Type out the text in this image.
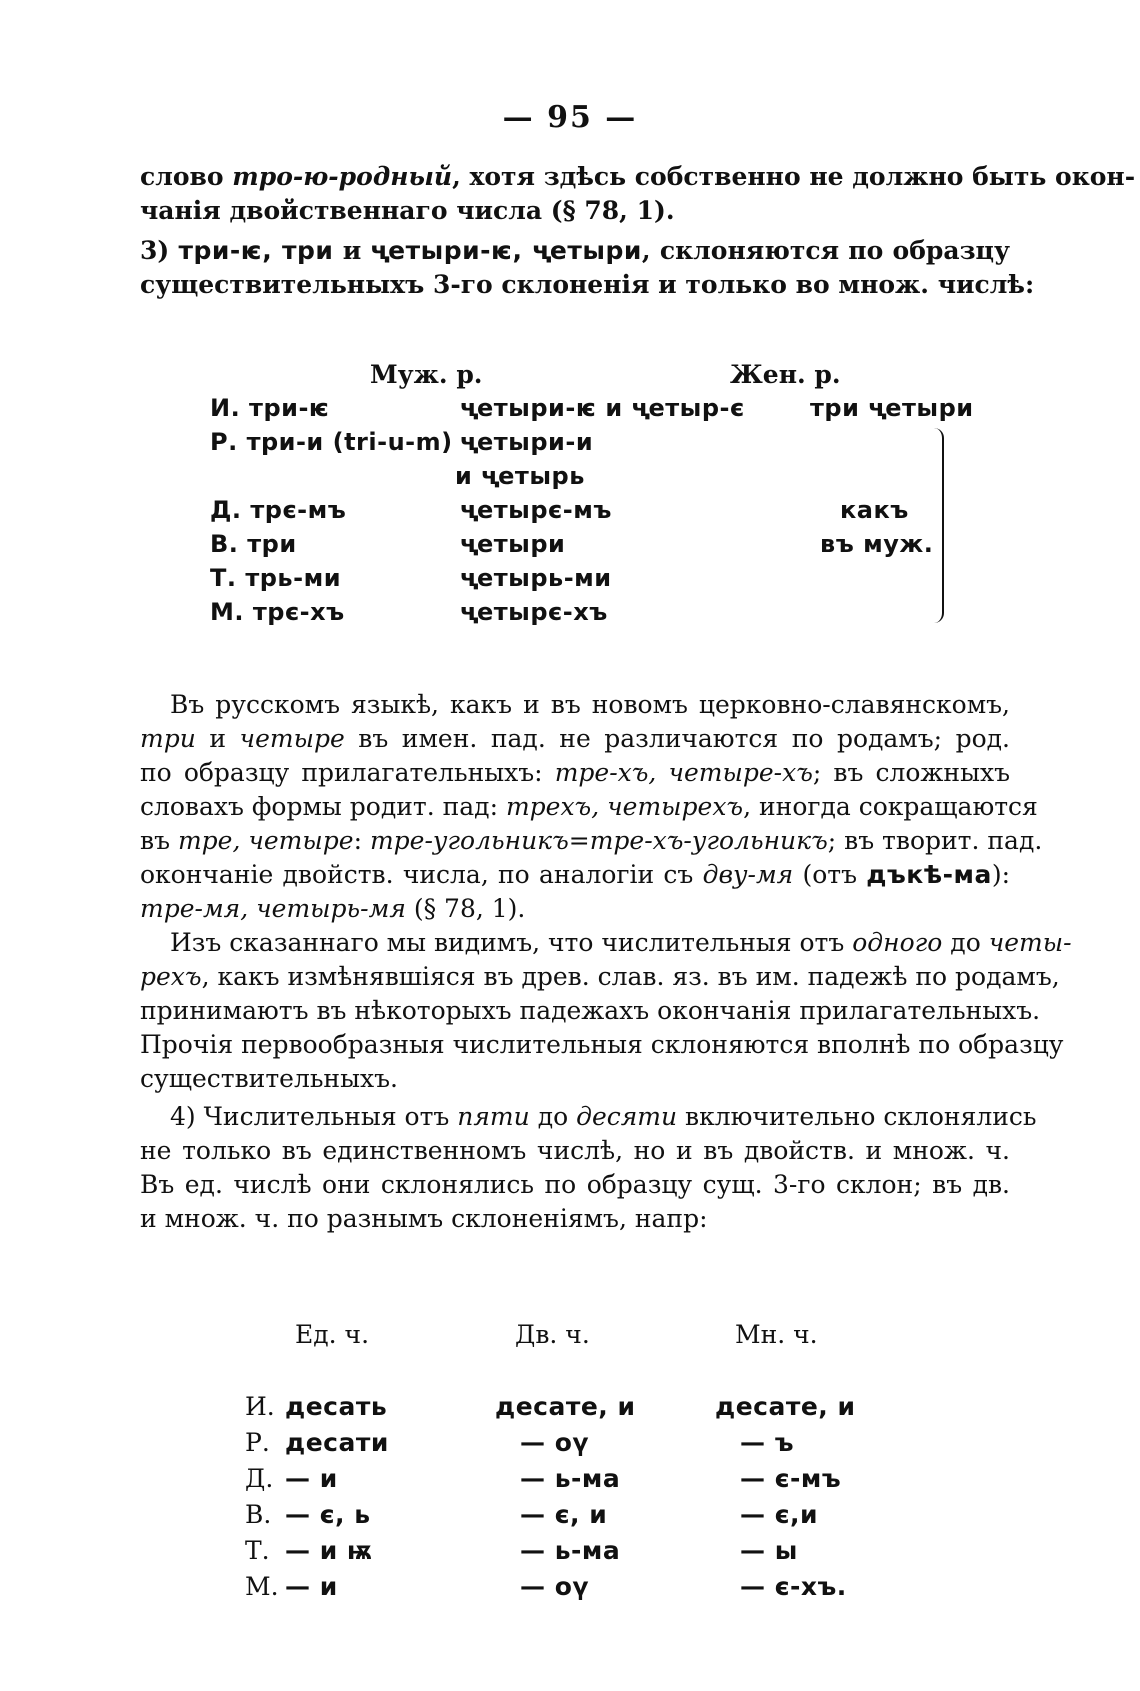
— 95 —

слово тро-ю-родный, хотя здѣсь собственно не должно быть окон-
чанія двойственнаго числа (§ 78, 1).

3) три-ѥ, три и ҷетыри-ѥ, ҷетыри, склоняются по образцу
существительныхъ 3-го склоненія и только во множ. числѣ:

Муж. р.	Жен. р.
И. три-ѥ	ҷетыри-ѥ и ҷетыр-є	три ҷетыри
Р. три-и (tri-u-m) ҷетыри-и
и ҷетырь
Д. трє-мъ	ҷетырє-мъ	какъ
В. три	ҷетыри	въ муж.
Т. трь-ми	ҷетырь-ми
М. трє-хъ	ҷетырє-хъ

Въ русскомъ языкѣ, какъ и въ новомъ церковно-славянскомъ,
три и четыре въ имен. пад. не различаются по родамъ; род.
по образцу прилагательныхъ: тре-хъ, четыре-хъ; въ сложныхъ
словахъ формы родит. пад: трехъ, четырехъ, иногда сокращаются
въ тре, четыре: тре-угольникъ=тре-хъ-угольникъ; въ творит. пад.
окончаніе двойств. числа, по аналогіи съ дву-мя (отъ дъкѣ-ма):
тре-мя, четырь-мя (§ 78, 1).

Изъ сказаннаго мы видимъ, что числительныя отъ одного до четы-
рехъ, какъ измѣнявшіяся въ древ. слав. яз. въ им. падежѣ по родамъ,
принимаютъ въ нѣкоторыхъ падежахъ окончанія прилагательныхъ.
Прочія первообразныя числительныя склоняются вполнѣ по образцу
существительныхъ.

4) Числительныя отъ пяти до десяти включительно склонялись
не только въ единственномъ числѣ, но и въ двойств. и множ. ч.
Въ ед. числѣ они склонялись по образцу сущ. 3-го склон; въ дв.
и множ. ч. по разнымъ склоненіямъ, напр:

Ед. ч.	Дв. ч.	Мн. ч.
И. десать	десате, и	десате, и
Р. десати	— оү	— ъ
Д. — и	— ь-ма	— є-мъ
В. — є, ь	— є, и	— є,и
Т. — и ѭ	— ь-ма	— ы
М. — и	— оү	— є-хъ.
